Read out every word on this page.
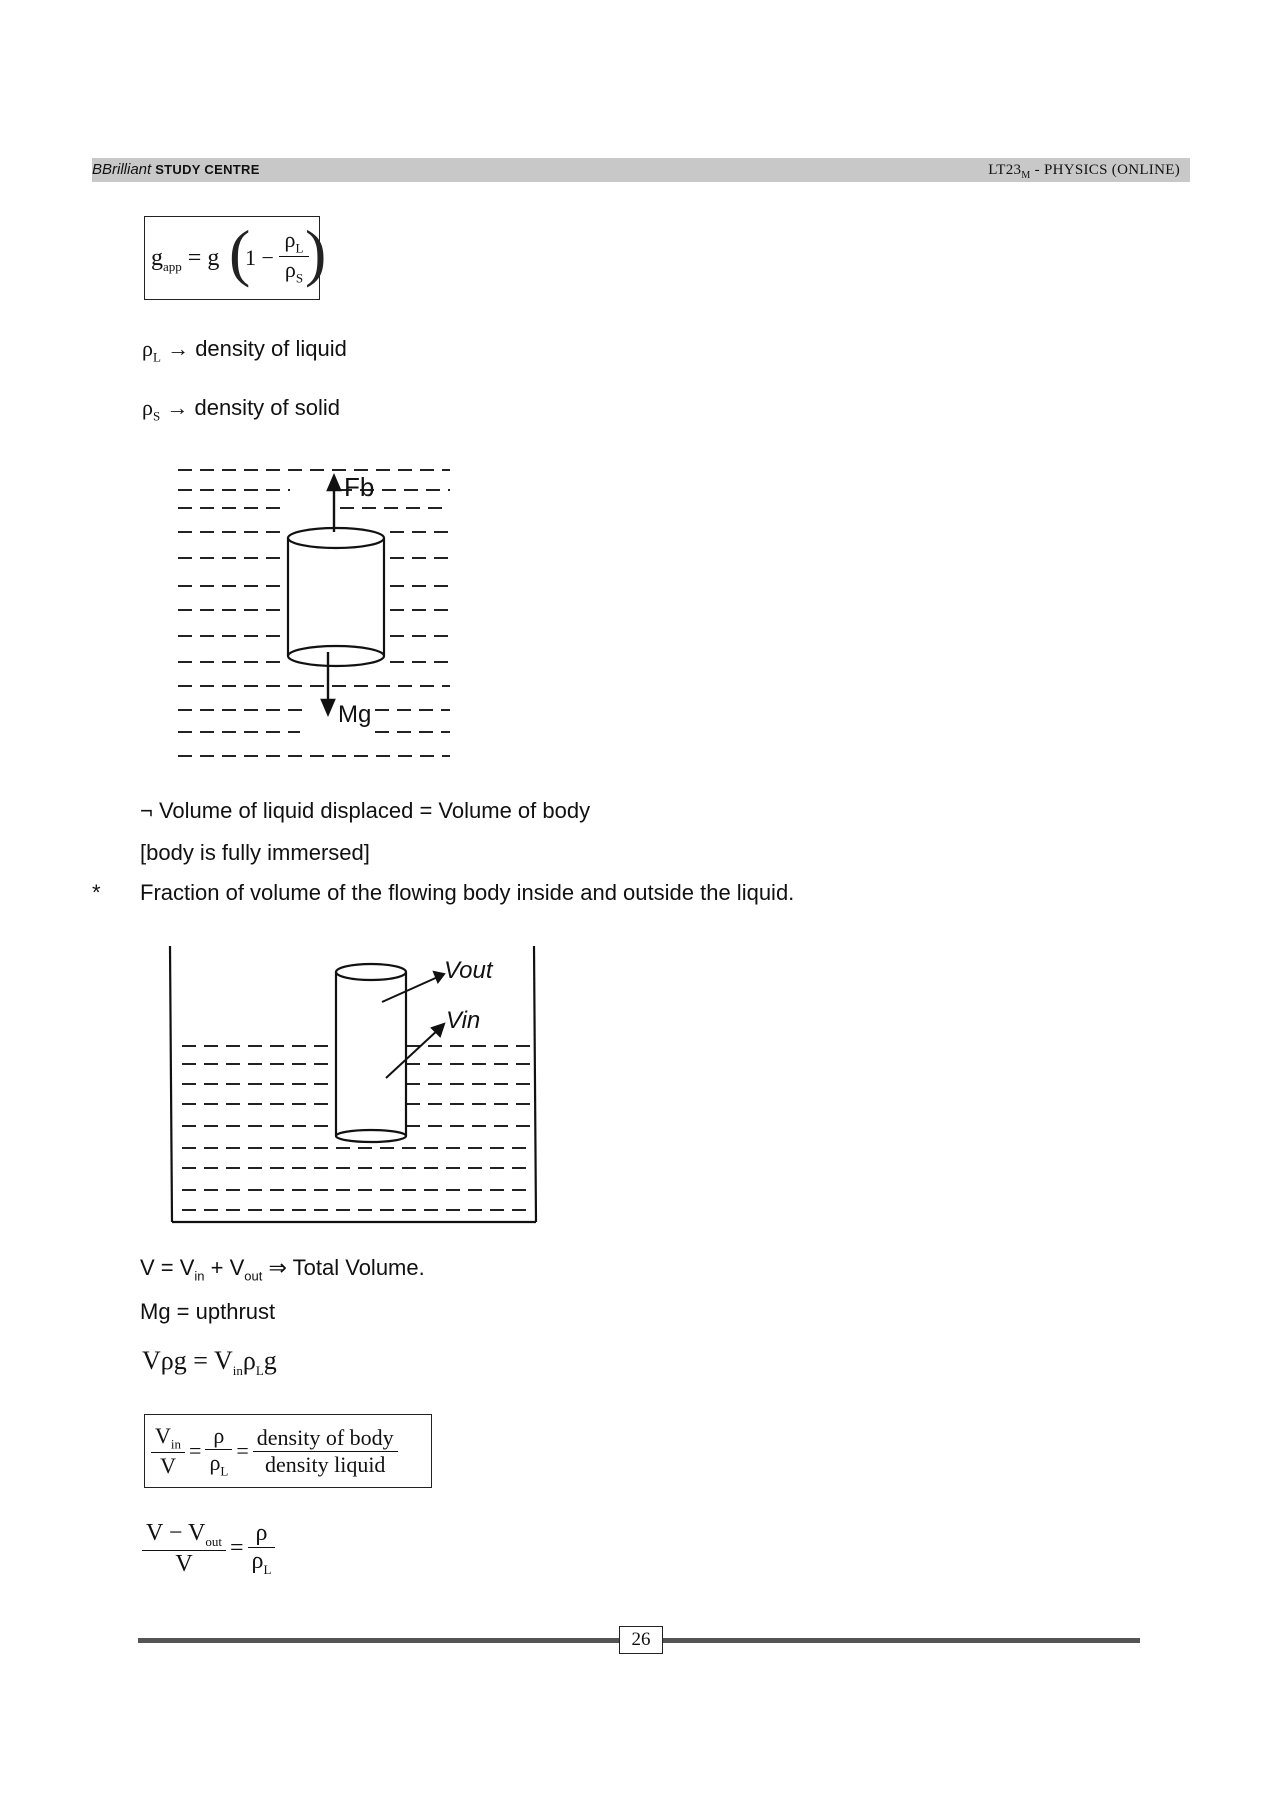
BBrilliant STUDY CENTRE	$LT23_M$ - PHYSICS (ONLINE)
$g_{app} = g$ (
1 −
$\rho_L$
$\rho_S$ )
$\rho_L$ → density of liquid
$\rho_S$ → density of solid
Fb
Mg
¬ Volume of liquid displaced = Volume of body
[body is fully immersed]
* Fraction of volume of the flowing body inside and outside the liquid.
Vout
Vin
$V = V_{in} + V_{out}$ ⇒ Total Volume.
Mg = upthrust
$V\rho g = V_{in}\rho_Lg$
$\frac{V_{in}}{V} = \frac{\rho}{\rho_L} = \frac{\text{density of body}}{\text{density liquid}}$
$\frac{V - V_{out}}{V} = \frac{\rho}{\rho_L}$
26
